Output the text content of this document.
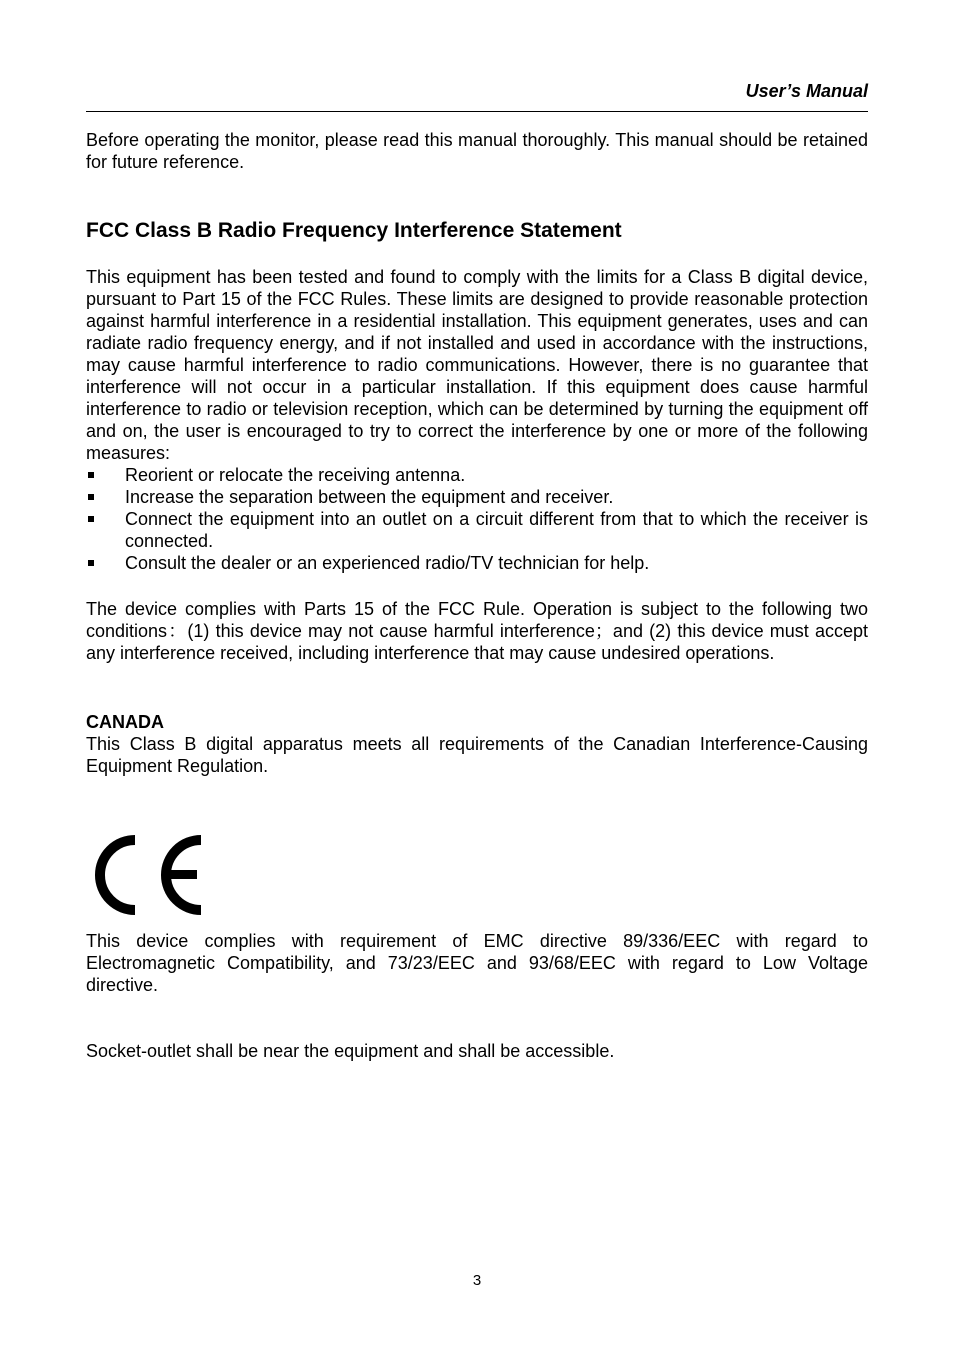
User’s Manual

Before operating the monitor, please read this manual thoroughly. This manual should be retained for future reference.

FCC Class B Radio Frequency Interference Statement

This equipment has been tested and found to comply with the limits for a Class B digital device, pursuant to Part 15 of the FCC Rules. These limits are designed to provide reasonable protection against harmful interference in a residential installation. This equipment generates, uses and can radiate radio frequency energy, and if not installed and used in accordance with the instructions, may cause harmful interference to radio communications. However, there is no guarantee that interference will not occur in a particular installation. If this equipment does cause harmful interference to radio or television reception, which can be determined by turning the equipment off and on, the user is encouraged to try to correct the interference by one or more of the following measures:

Reorient or relocate the receiving antenna.
Increase the separation between the equipment and receiver.
Connect the equipment into an outlet on a circuit different from that to which the receiver is connected.
Consult the dealer or an experienced radio/TV technician for help.

The device complies with Parts 15 of the FCC Rule. Operation is subject to the following two conditions：(1) this device may not cause harmful interference；and (2) this device must accept any interference received, including interference that may cause undesired operations.

CANADA

This Class B digital apparatus meets all requirements of the Canadian Interference-Causing Equipment Regulation.

This device complies with requirement of EMC directive 89/336/EEC with regard to Electromagnetic Compatibility, and 73/23/EEC and 93/68/EEC with regard to Low Voltage directive.

Socket-outlet shall be near the equipment and shall be accessible.

3
